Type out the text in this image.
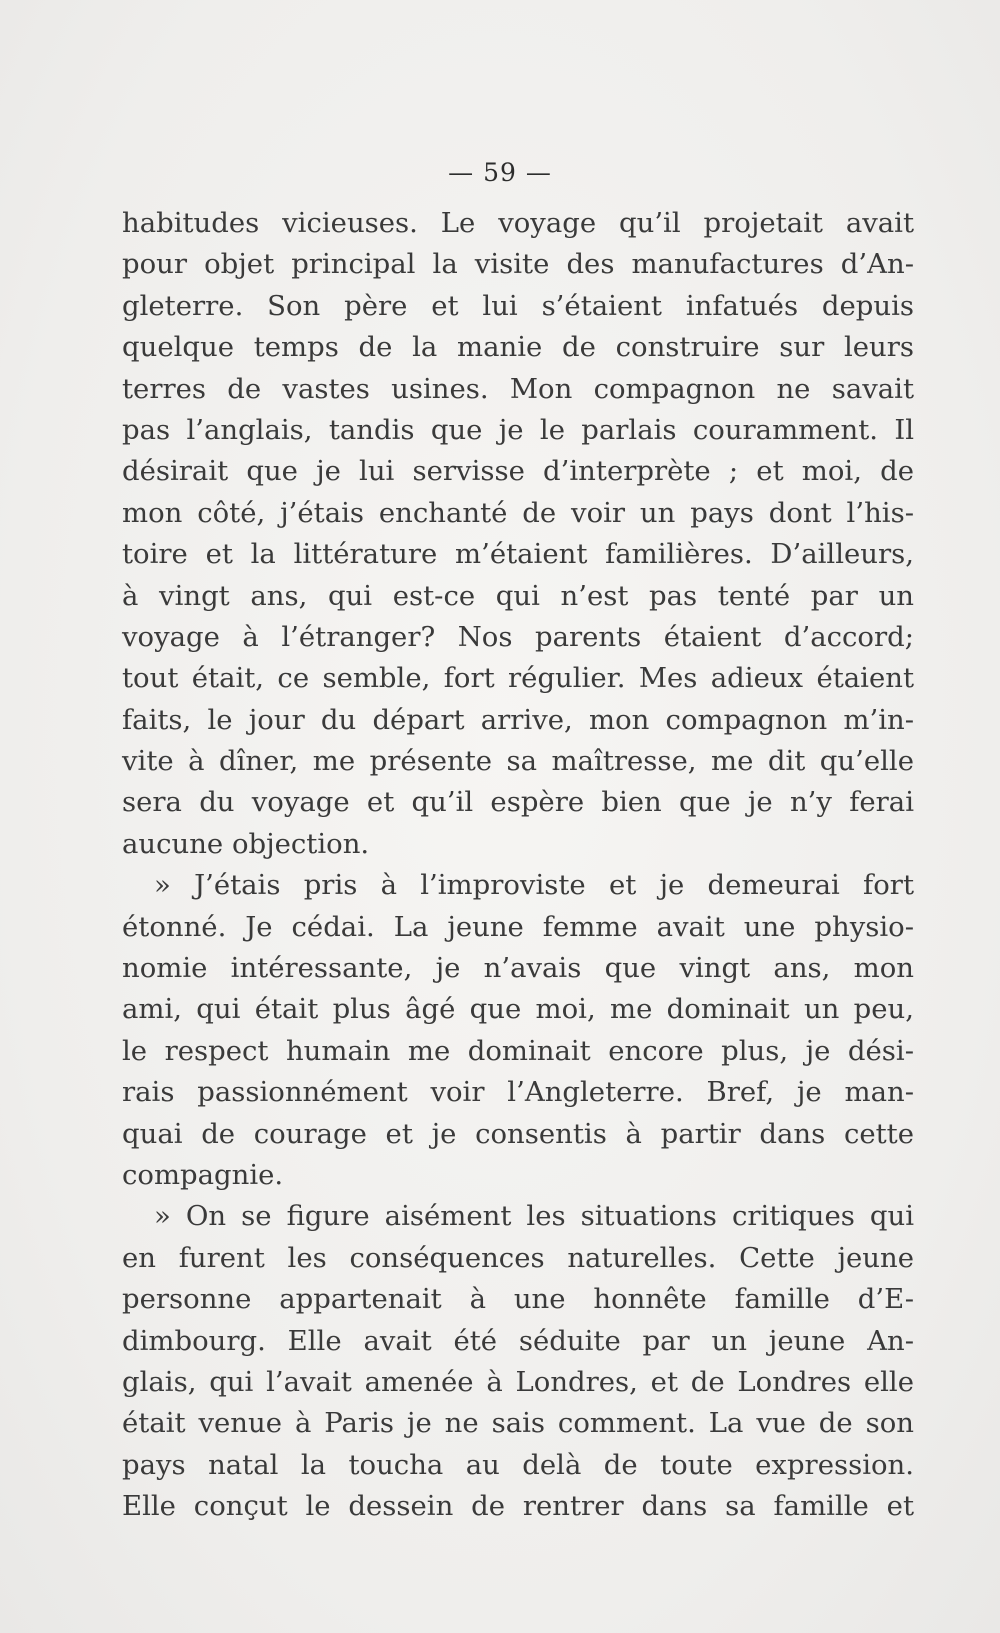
— 59 —
habitudes vicieuses. Le voyage qu’il projetait avait
pour objet principal la visite des manufactures d’An-
gleterre. Son père et lui s’étaient infatués depuis
quelque temps de la manie de construire sur leurs
terres de vastes usines. Mon compagnon ne savait
pas l’anglais, tandis que je le parlais couramment. Il
désirait que je lui servisse d’interprète ; et moi, de
mon côté, j’étais enchanté de voir un pays dont l’his-
toire et la littérature m’étaient familières. D’ailleurs,
à vingt ans, qui est-ce qui n’est pas tenté par un
voyage à l’étranger? Nos parents étaient d’accord;
tout était, ce semble, fort régulier. Mes adieux étaient
faits, le jour du départ arrive, mon compagnon m’in-
vite à dîner, me présente sa maîtresse, me dit qu’elle
sera du voyage et qu’il espère bien que je n’y ferai
aucune objection.
» J’étais pris à l’improviste et je demeurai fort
étonné. Je cédai. La jeune femme avait une physio-
nomie intéressante, je n’avais que vingt ans, mon
ami, qui était plus âgé que moi, me dominait un peu,
le respect humain me dominait encore plus, je dési-
rais passionnément voir l’Angleterre. Bref, je man-
quai de courage et je consentis à partir dans cette
compagnie.
» On se figure aisément les situations critiques qui
en furent les conséquences naturelles. Cette jeune
personne appartenait à une honnête famille d’E-
dimbourg. Elle avait été séduite par un jeune An-
glais, qui l’avait amenée à Londres, et de Londres elle
était venue à Paris je ne sais comment. La vue de son
pays natal la toucha au delà de toute expression.
Elle conçut le dessein de rentrer dans sa famille et
